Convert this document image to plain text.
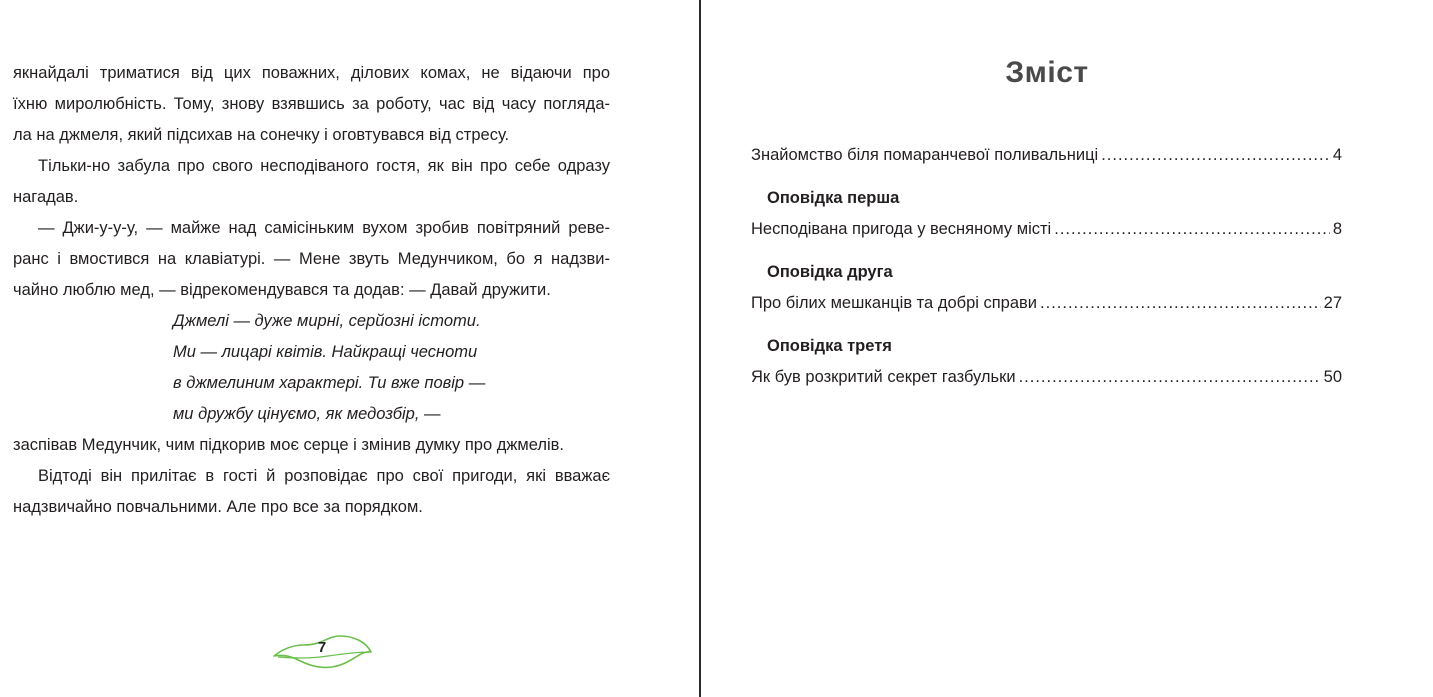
якнайдалі триматися від цих поважних, ділових комах, не відаючи про
їхню миролюбність. Тому, знову взявшись за роботу, час від часу погляда-
ла на джмеля, який підсихав на сонечку і оговтувався від стресу.
Тільки-но забула про свого несподіваного гостя, як він про себе одразу
нагадав.
— Джи-у-у-у, — майже над самісіньким вухом зробив повітряний реве-
ранс і вмостився на клавіатурі. — Мене звуть Медунчиком, бо я надзви-
чайно люблю мед, — відрекомендувався та додав: — Давай дружити.
Джмелі — дуже мирні, серйозні істоти.
Ми — лицарі квітів. Найкращі чесноти
в джмелиним характері. Ти вже повір —
ми дружбу цінуємо, як медозбір, —
заспівав Медунчик, чим підкорив моє серце і змінив думку про джмелів.
Відтоді він прилітає в гості й розповідає про свої пригоди, які вважає
надзвичайно повчальними. Але про все за порядком.
7
Зміст
Знайомство біля помаранчевої поливальниці .....	4
Оповідка перша
Несподівана пригода у весняному місті .....	8
Оповідка друга
Про білих мешканців та добрі справи .....	27
Оповідка третя
Як був розкритий секрет газбульки .....	50
